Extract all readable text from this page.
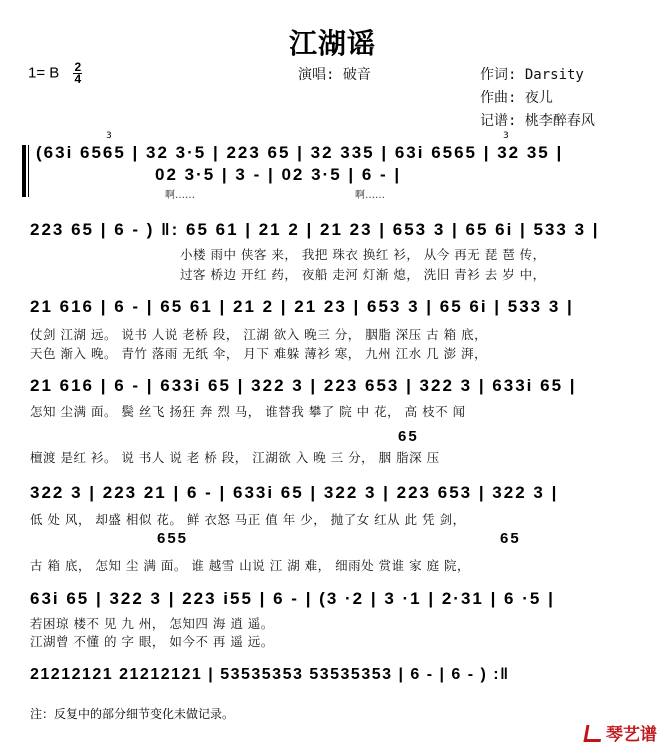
江湖谣
1= B $\frac{2}{4}$	演唱: 破音	作词: Darsity
作曲: 夜儿
记谱: 桃李醉春风
3	3
(63i 6565 | 32 3·5 | 223 65 | 32 335 | 63i 6565 | 32 35 |
02 3·5 | 3 - | 02 3·5 | 6 - |
啊……	啊……
223 65 | 6 - ) ‖: 65 61 | 21 2 | 21 23 | 653 3 | 65 6i | 533 3 |
小楼 雨中 侠客 来， 我把 珠衣 换红 衫， 从今 再无 琵 琶 传，
过客 桥边 开红 药， 夜船 走河 灯渐 熄， 洗旧 青衫 去 岁 中，
21 616 | 6 - | 65 61 | 21 2 | 21 23 | 653 3 | 65 6i | 533 3 |
仗剑 江湖 远。 说书 人说 老桥 段， 江湖 欲入 晚三 分， 胭脂 深压 古 箱 底，
天色 渐入 晚。 青竹 落雨 无纸 伞， 月下 难躲 薄衫 寒， 九州 江水 几 澎 湃，
21 616 | 6 - | 633i 65 | 322 3 | 223 653 | 322 3 | 633i 65 |
怎知 尘满 面。 鬓 丝飞 扬狂 奔 烈 马， 谁替我 攀了 院 中 花， 高 枝不 闻
65
檀渡 是红 衫。 说 书人 说 老 桥 段， 江湖欲 入 晚 三 分， 胭 脂深 压
322 3 | 223 21 | 6 - | 633i 65 | 322 3 | 223 653 | 322 3 |
低 处 风， 却盛 相似 花。 鲜 衣怒 马正 值 年 少， 抛了女 红从 此 凭 剑，
655	65
古 箱 底， 怎知 尘 满 面。 谁 越雪 山说 江 湖 难， 细雨处 赏谁 家 庭 院，
63i 65 | 322 3 | 223 i55 | 6 - | (3 ·2 | 3 ·1 | 2·31 | 6 ·5 |
若困琼 楼不 见 九 州， 怎知四 海 逍 遥。
江湖曾 不懂 的 字 眼， 如今不 再 遥 远。
21212121 21212121 | 53535353 53535353 | 6 - | 6 - ) :‖
注：反复中的部分细节变化未做记录。
琴艺谱
